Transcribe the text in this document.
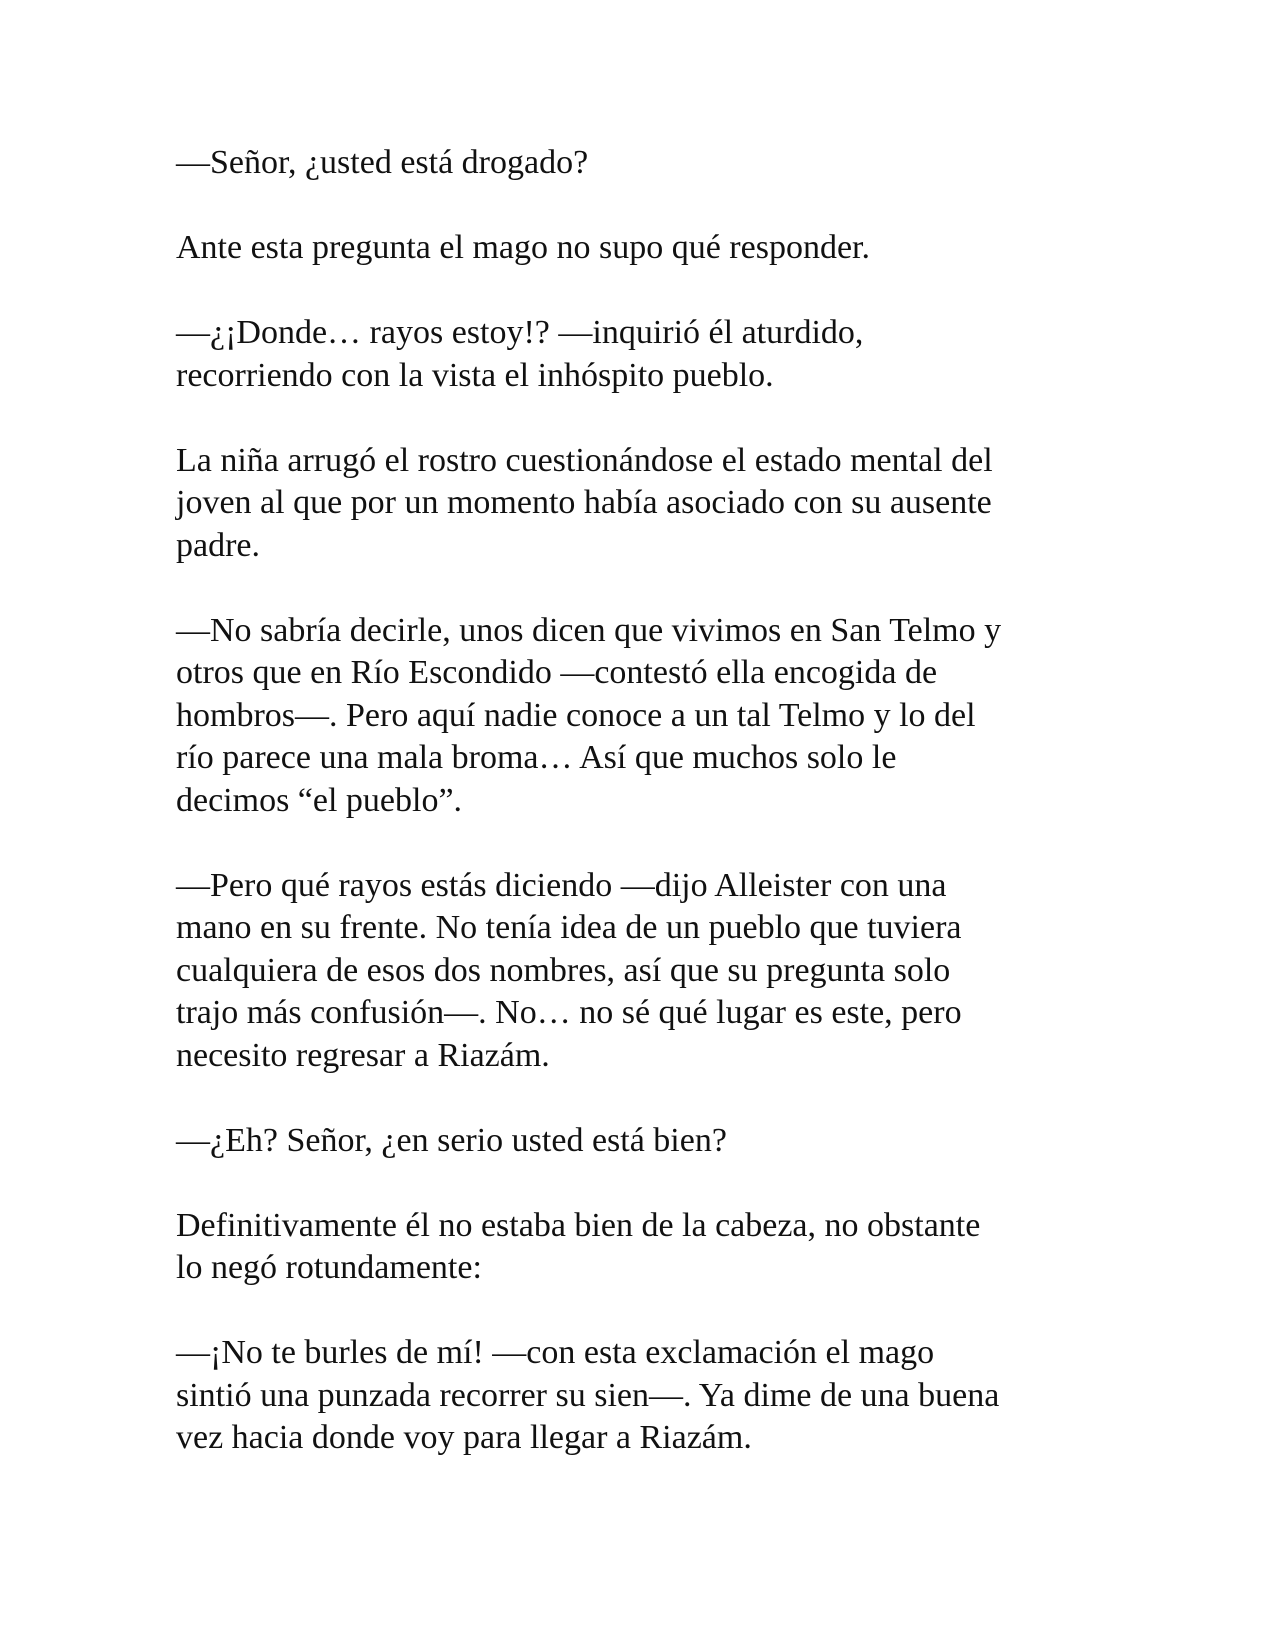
—Señor, ¿usted está drogado?

Ante esta pregunta el mago no supo qué responder.

—¿¡Donde… rayos estoy!? —inquirió él aturdido,
recorriendo con la vista el inhóspito pueblo.

La niña arrugó el rostro cuestionándose el estado mental del
joven al que por un momento había asociado con su ausente
padre.

—No sabría decirle, unos dicen que vivimos en San Telmo y
otros que en Río Escondido —contestó ella encogida de
hombros—. Pero aquí nadie conoce a un tal Telmo y lo del
río parece una mala broma… Así que muchos solo le
decimos “el pueblo”.

—Pero qué rayos estás diciendo —dijo Alleister con una
mano en su frente. No tenía idea de un pueblo que tuviera
cualquiera de esos dos nombres, así que su pregunta solo
trajo más confusión—. No… no sé qué lugar es este, pero
necesito regresar a Riazám.

—¿Eh? Señor, ¿en serio usted está bien?

Definitivamente él no estaba bien de la cabeza, no obstante
lo negó rotundamente:

—¡No te burles de mí! —con esta exclamación el mago
sintió una punzada recorrer su sien—. Ya dime de una buena
vez hacia donde voy para llegar a Riazám.
